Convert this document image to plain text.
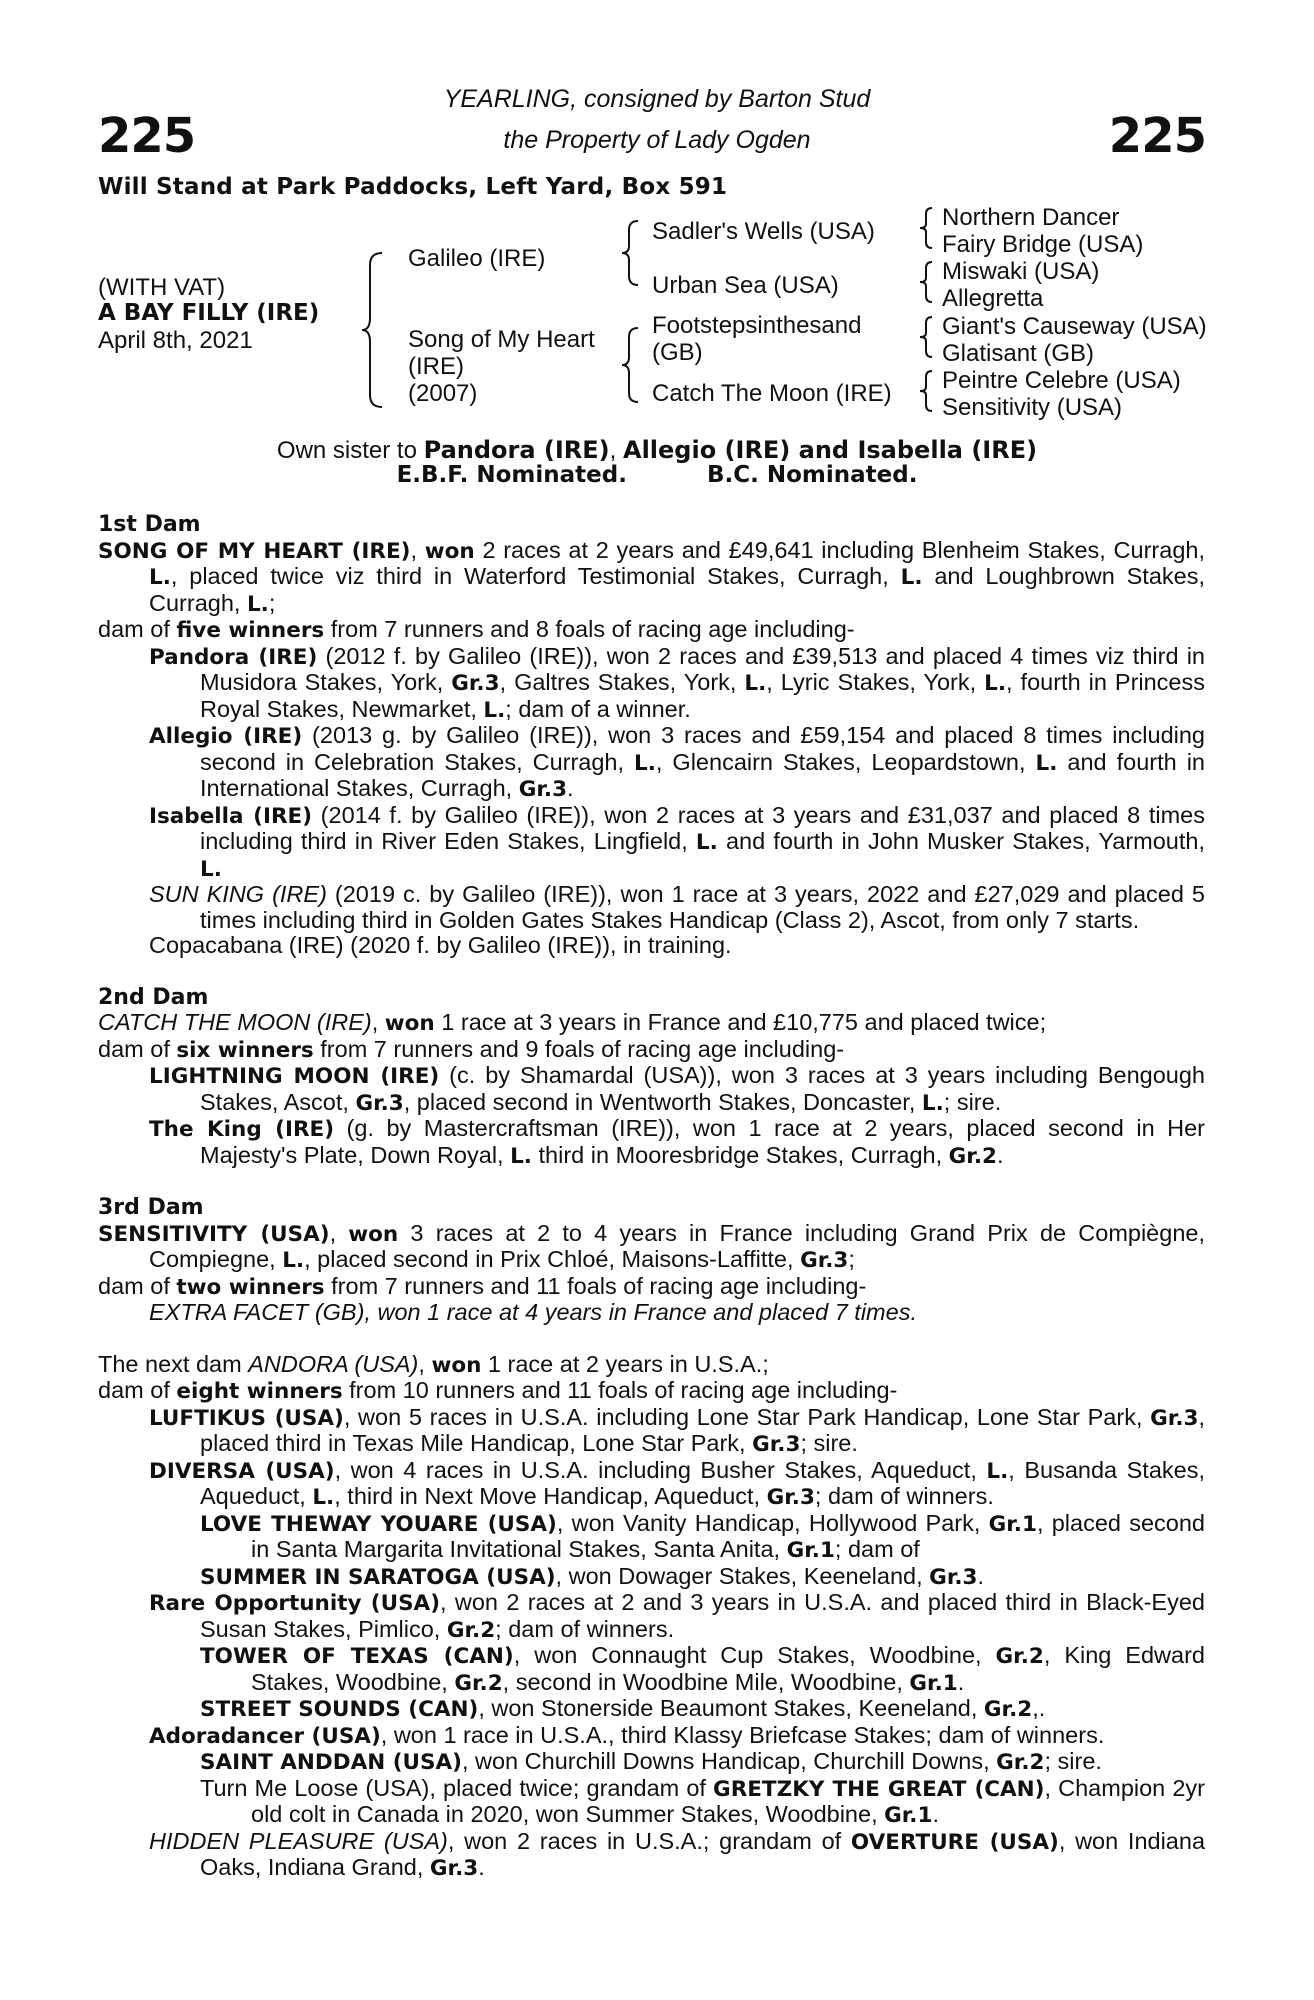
225	225
YEARLING, consigned by Barton Stud
the Property of Lady Ogden
Will Stand at Park Paddocks, Left Yard, Box 591
(WITH VAT)
A BAY FILLY (IRE)
April 8th, 2021
Galileo (IRE)
Song of My Heart
(IRE)
(2007)
Sadler's Wells (USA)
Urban Sea (USA)
Footstepsinthesand
(GB)
Catch The Moon (IRE)
Northern Dancer
Fairy Bridge (USA)
Miswaki (USA)
Allegretta
Giant's Causeway (USA)
Glatisant (GB)
Peintre Celebre (USA)
Sensitivity (USA)
Own sister to Pandora (IRE), Allegio (IRE) and Isabella (IRE)
E.B.F. Nominated.	B.C. Nominated.

1st Dam

SONG OF MY HEART (IRE), won 2 races at 2 years and £49,641 including Blenheim Stakes, Curragh, L., placed twice viz third in Waterford Testimonial Stakes, Curragh, L. and Loughbrown Stakes, Curragh, L.;

dam of five winners from 7 runners and 8 foals of racing age including-

Pandora (IRE) (2012 f. by Galileo (IRE)), won 2 races and £39,513 and placed 4 times viz third in Musidora Stakes, York, Gr.3, Galtres Stakes, York, L., Lyric Stakes, York, L., fourth in Princess Royal Stakes, Newmarket, L.; dam of a winner.

Allegio (IRE) (2013 g. by Galileo (IRE)), won 3 races and £59,154 and placed 8 times including second in Celebration Stakes, Curragh, L., Glencairn Stakes, Leopardstown, L. and fourth in International Stakes, Curragh, Gr.3.

Isabella (IRE) (2014 f. by Galileo (IRE)), won 2 races at 3 years and £31,037 and placed 8 times including third in River Eden Stakes, Lingfield, L. and fourth in John Musker Stakes, Yarmouth, L.

SUN KING (IRE) (2019 c. by Galileo (IRE)), won 1 race at 3 years, 2022 and £27,029 and placed 5 times including third in Golden Gates Stakes Handicap (Class 2), Ascot, from only 7 starts.

Copacabana (IRE) (2020 f. by Galileo (IRE)), in training.

2nd Dam

CATCH THE MOON (IRE), won 1 race at 3 years in France and £10,775 and placed twice;

dam of six winners from 7 runners and 9 foals of racing age including-

LIGHTNING MOON (IRE) (c. by Shamardal (USA)), won 3 races at 3 years including Bengough Stakes, Ascot, Gr.3, placed second in Wentworth Stakes, Doncaster, L.; sire.

The King (IRE) (g. by Mastercraftsman (IRE)), won 1 race at 2 years, placed second in Her Majesty's Plate, Down Royal, L. third in Mooresbridge Stakes, Curragh, Gr.2.

3rd Dam

SENSITIVITY (USA), won 3 races at 2 to 4 years in France including Grand Prix de Compiègne, Compiegne, L., placed second in Prix Chloé, Maisons-Laffitte, Gr.3;

dam of two winners from 7 runners and 11 foals of racing age including-

EXTRA FACET (GB), won 1 race at 4 years in France and placed 7 times.

The next dam ANDORA (USA), won 1 race at 2 years in U.S.A.;

dam of eight winners from 10 runners and 11 foals of racing age including-

LUFTIKUS (USA), won 5 races in U.S.A. including Lone Star Park Handicap, Lone Star Park, Gr.3, placed third in Texas Mile Handicap, Lone Star Park, Gr.3; sire.

DIVERSA (USA), won 4 races in U.S.A. including Busher Stakes, Aqueduct, L., Busanda Stakes, Aqueduct, L., third in Next Move Handicap, Aqueduct, Gr.3; dam of winners.

LOVE THEWAY YOUARE (USA), won Vanity Handicap, Hollywood Park, Gr.1, placed second in Santa Margarita Invitational Stakes, Santa Anita, Gr.1; dam of

SUMMER IN SARATOGA (USA), won Dowager Stakes, Keeneland, Gr.3.

Rare Opportunity (USA), won 2 races at 2 and 3 years in U.S.A. and placed third in Black-Eyed Susan Stakes, Pimlico, Gr.2; dam of winners.

TOWER OF TEXAS (CAN), won Connaught Cup Stakes, Woodbine, Gr.2, King Edward Stakes, Woodbine, Gr.2, second in Woodbine Mile, Woodbine, Gr.1.

STREET SOUNDS (CAN), won Stonerside Beaumont Stakes, Keeneland, Gr.2,.

Adoradancer (USA), won 1 race in U.S.A., third Klassy Briefcase Stakes; dam of winners.

SAINT ANDDAN (USA), won Churchill Downs Handicap, Churchill Downs, Gr.2; sire.

Turn Me Loose (USA), placed twice; grandam of GRETZKY THE GREAT (CAN), Champion 2yr old colt in Canada in 2020, won Summer Stakes, Woodbine, Gr.1.

HIDDEN PLEASURE (USA), won 2 races in U.S.A.; grandam of OVERTURE (USA), won Indiana Oaks, Indiana Grand, Gr.3.
